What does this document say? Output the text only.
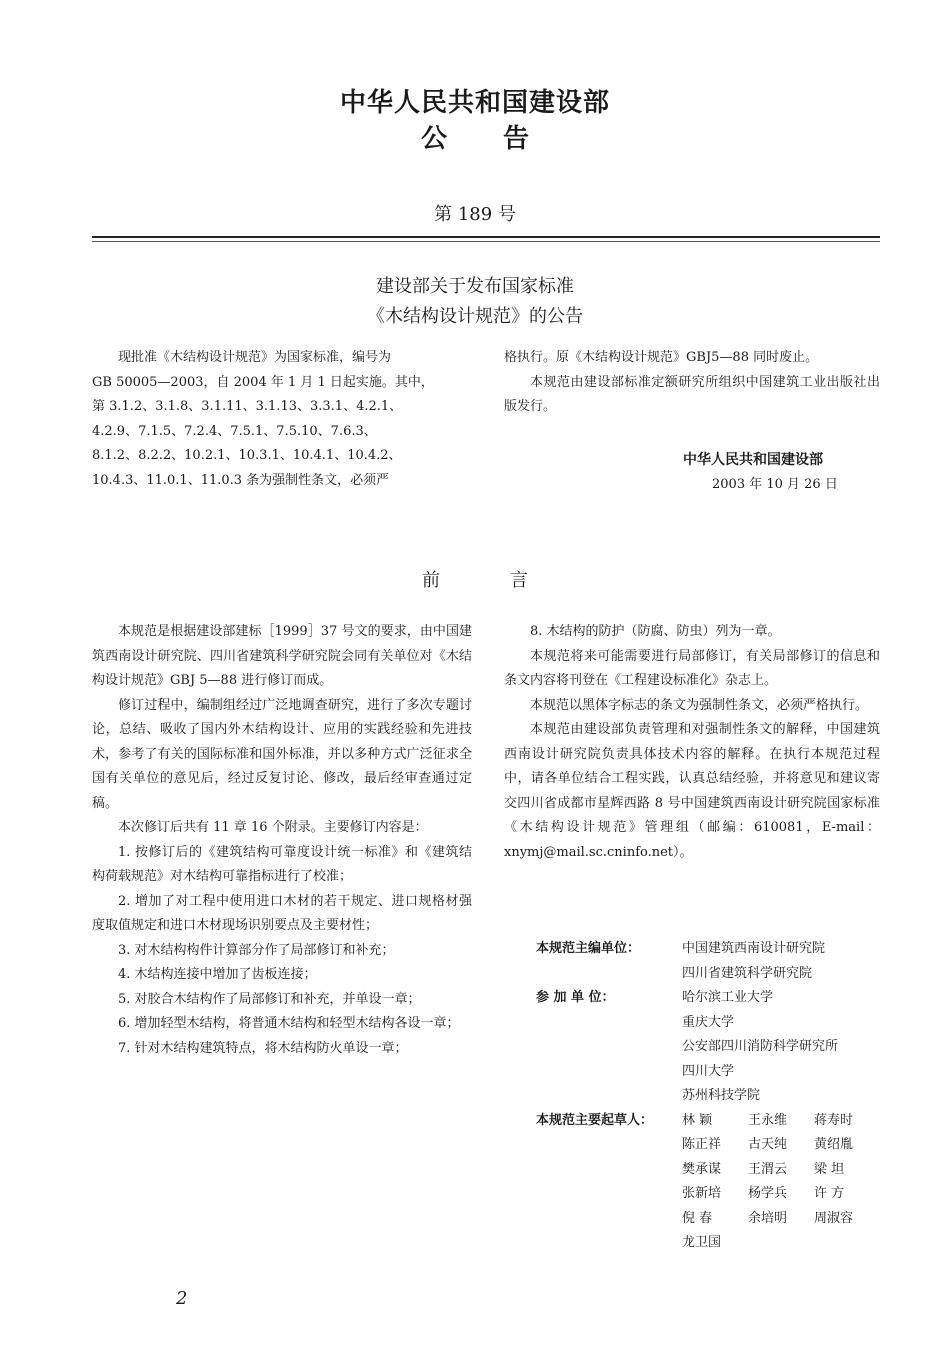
中华人民共和国建设部
公告
第 189 号
建设部关于发布国家标准
《木结构设计规范》的公告
现批准《木结构设计规范》为国家标准，编号为
GB 50005—2003，自 2004 年 1 月 1 日起实施。其中，
第 3.1.2、3.1.8、3.1.11、3.1.13、3.3.1、4.2.1、
4.2.9、7.1.5、7.2.4、7.5.1、7.5.10、7.6.3、
8.1.2、8.2.2、10.2.1、10.3.1、10.4.1、10.4.2、
10.4.3、11.0.1、11.0.3 条为强制性条文，必须严

格执行。原《木结构设计规范》GBJ5—88 同时废止。

本规范由建设部标准定额研究所组织中国建筑工业出版社出版发行。

中华人民共和国建设部
2003 年 10 月 26 日
前言

本规范是根据建设部建标［1999］37 号文的要求，由中国建筑西南设计研究院、四川省建筑科学研究院会同有关单位对《木结构设计规范》GBJ 5—88 进行修订而成。

修订过程中，编制组经过广泛地调查研究，进行了多次专题讨论，总结、吸收了国内外木结构设计、应用的实践经验和先进技术，参考了有关的国际标准和国外标准，并以多种方式广泛征求全国有关单位的意见后，经过反复讨论、修改，最后经审查通过定稿。

本次修订后共有 11 章 16 个附录。主要修订内容是：

1. 按修订后的《建筑结构可靠度设计统一标准》和《建筑结构荷载规范》对木结构可靠指标进行了校准；

2. 增加了对工程中使用进口木材的若干规定、进口规格材强度取值规定和进口木材现场识别要点及主要材性；

3. 对木结构构件计算部分作了局部修订和补充；

4. 木结构连接中增加了齿板连接；

5. 对胶合木结构作了局部修订和补充，并单设一章；

6. 增加轻型木结构，将普通木结构和轻型木结构各设一章；

7. 针对木结构建筑特点，将木结构防火单设一章；

8. 木结构的防护（防腐、防虫）列为一章。

本规范将来可能需要进行局部修订，有关局部修订的信息和条文内容将刊登在《工程建设标准化》杂志上。

本规范以黑体字标志的条文为强制性条文，必须严格执行。

本规范由建设部负责管理和对强制性条文的解释，中国建筑西南设计研究院负责具体技术内容的解释。在执行本规范过程中，请各单位结合工程实践，认真总结经验，并将意见和建议寄交四川省成都市星辉西路 8 号中国建筑西南设计研究院国家标准《木结构设计规范》管理组（邮编：610081，E-mail：xnymj@mail.sc.cninfo.net）。

本规范主编单位：	中国建筑西南设计研究院
四川省建筑科学研究院
参 加 单 位：	哈尔滨工业大学
重庆大学
公安部四川消防科学研究所
四川大学
苏州科技学院
本规范主要起草人：	林 颖	王永维	蒋寿时
陈正祥	古天纯	黄绍胤
樊承谋	王渭云	梁 坦
张新培	杨学兵	许 方
倪 春	余培明	周淑容
龙卫国
2
